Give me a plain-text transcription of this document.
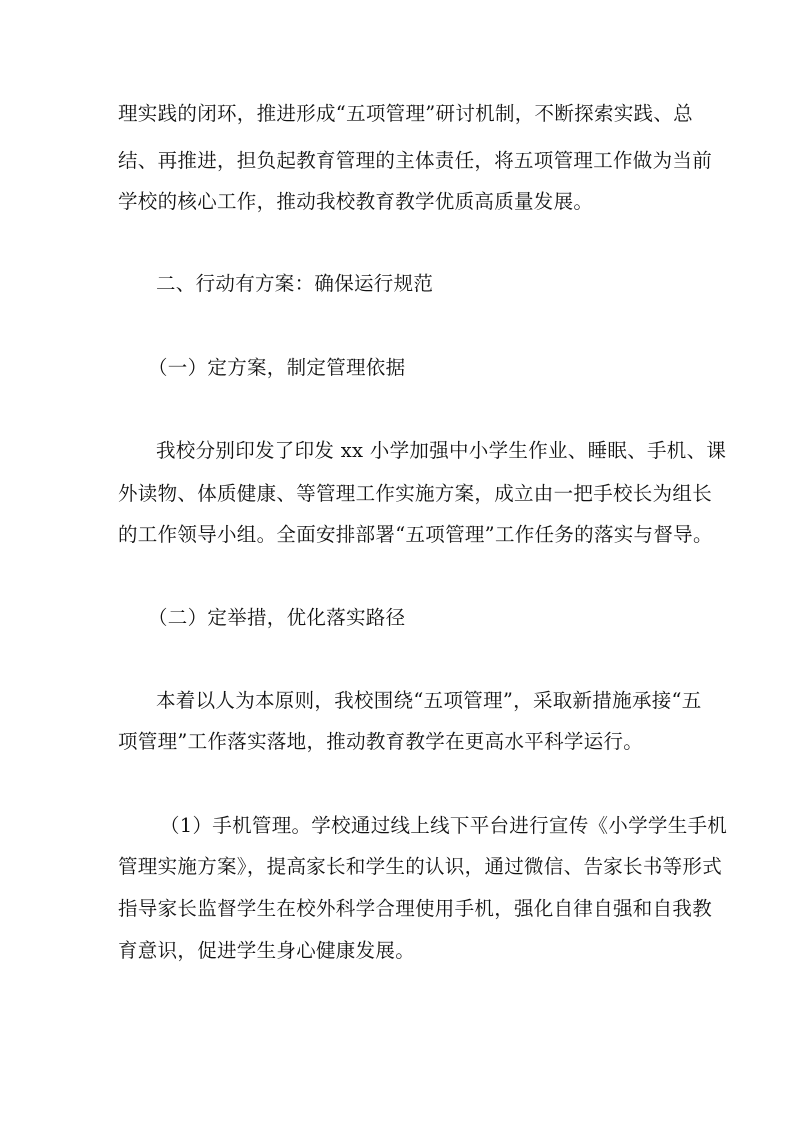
理实践的闭环，推进形成“五项管理”研讨机制，不断探索实践、总
结、再推进，担负起教育管理的主体责任，将五项管理工作做为当前
学校的核心工作，推动我校教育教学优质高质量发展。
二、行动有方案：确保运行规范
（一）定方案，制定管理依据
我校分别印发了印发 xx 小学加强中小学生作业、睡眠、手机、课
外读物、体质健康、等管理工作实施方案，成立由一把手校长为组长
的工作领导小组。全面安排部署“五项管理”工作任务的落实与督导。
（二）定举措，优化落实路径
本着以人为本原则，我校围绕“五项管理”，采取新措施承接“五
项管理”工作落实落地，推动教育教学在更高水平科学运行。
（1）手机管理。学校通过线上线下平台进行宣传《小学学生手机
管理实施方案》，提高家长和学生的认识，通过微信、告家长书等形式
指导家长监督学生在校外科学合理使用手机，强化自律自强和自我教
育意识，促进学生身心健康发展。
